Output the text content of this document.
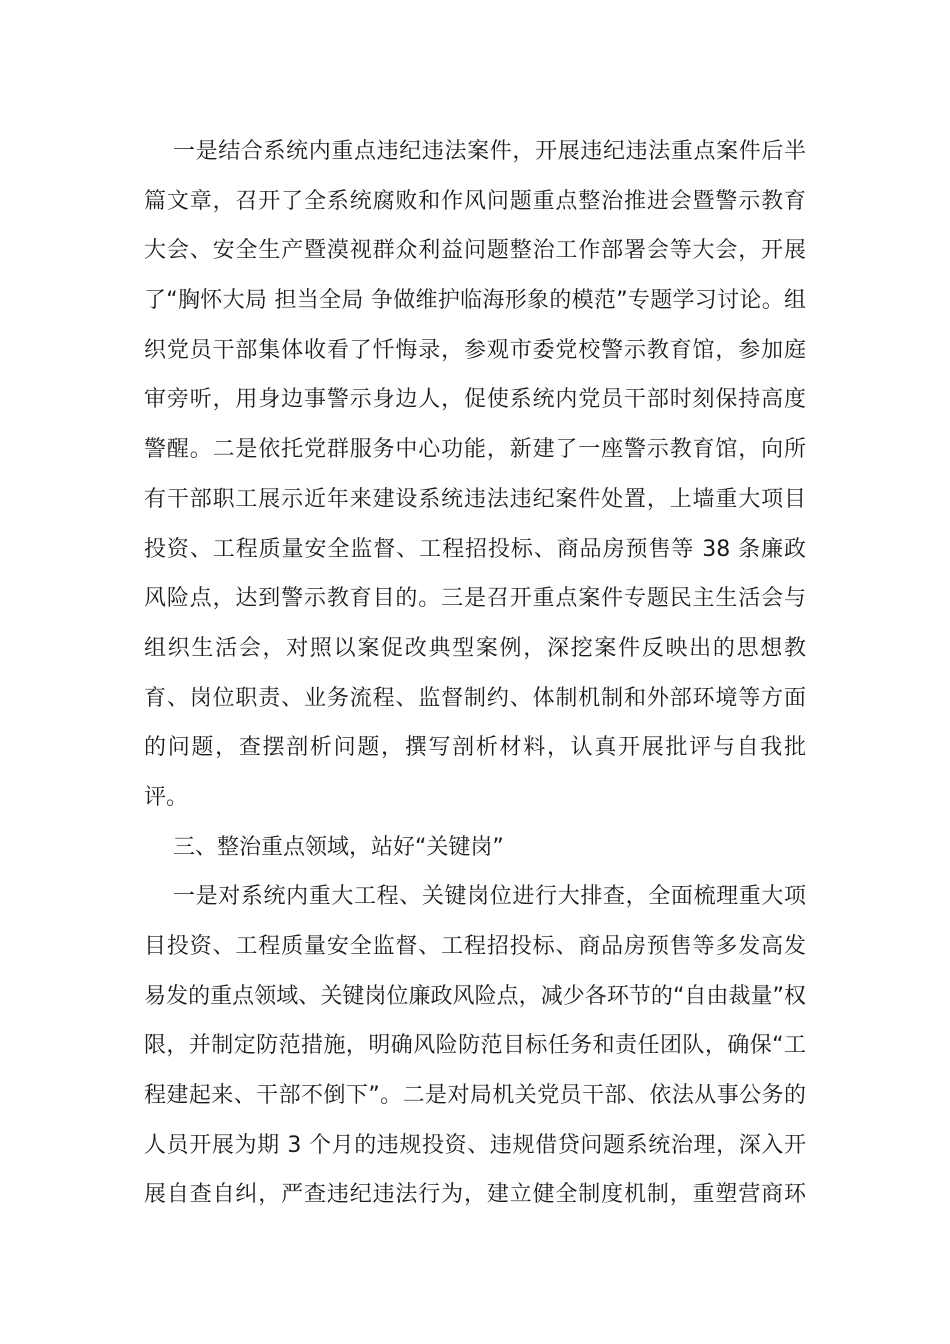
一是结合系统内重点违纪违法案件，开展违纪违法重点案件后半
篇文章，召开了全系统腐败和作风问题重点整治推进会暨警示教育
大会、安全生产暨漠视群众利益问题整治工作部署会等大会，开展
了“胸怀大局 担当全局 争做维护临海形象的模范”专题学习讨论。组
织党员干部集体收看了忏悔录，参观市委党校警示教育馆，参加庭
审旁听，用身边事警示身边人，促使系统内党员干部时刻保持高度
警醒。二是依托党群服务中心功能，新建了一座警示教育馆，向所
有干部职工展示近年来建设系统违法违纪案件处置，上墙重大项目
投资、工程质量安全监督、工程招投标、商品房预售等 38 条廉政
风险点，达到警示教育目的。三是召开重点案件专题民主生活会与
组织生活会，对照以案促改典型案例，深挖案件反映出的思想教
育、岗位职责、业务流程、监督制约、体制机制和外部环境等方面
的问题，查摆剖析问题，撰写剖析材料，认真开展批评与自我批
评。
三、整治重点领域，站好“关键岗”
一是对系统内重大工程、关键岗位进行大排查，全面梳理重大项
目投资、工程质量安全监督、工程招投标、商品房预售等多发高发
易发的重点领域、关键岗位廉政风险点，减少各环节的“自由裁量”权
限，并制定防范措施，明确风险防范目标任务和责任团队，确保“工
程建起来、干部不倒下”。二是对局机关党员干部、依法从事公务的
人员开展为期 3 个月的违规投资、违规借贷问题系统治理，深入开
展自查自纠，严查违纪违法行为，建立健全制度机制，重塑营商环
